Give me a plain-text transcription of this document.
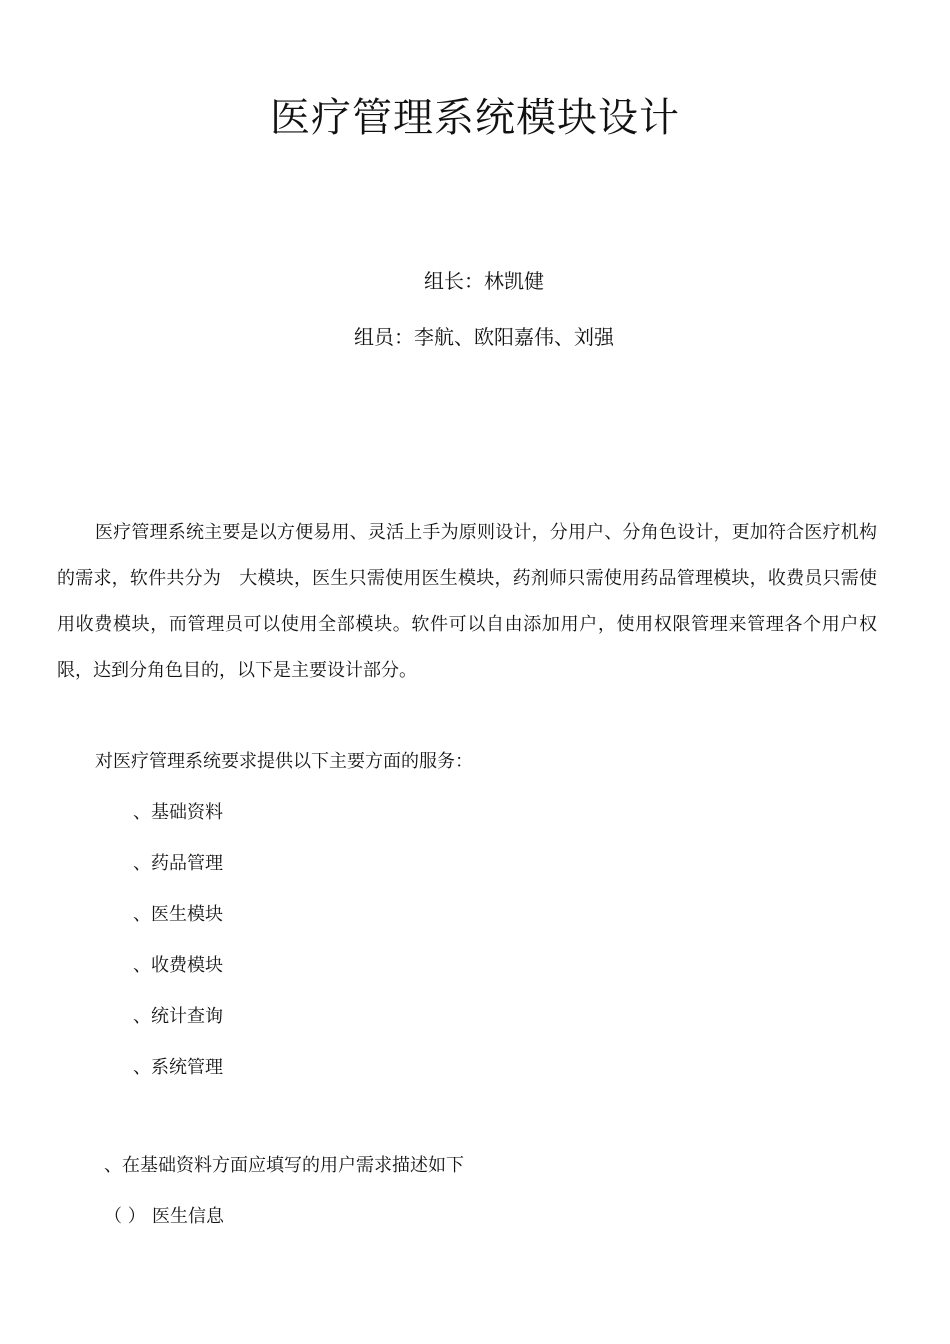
医疗管理系统模块设计
组长：林凯健
组员：李航、欧阳嘉伟、刘强

医疗管理系统主要是以方便易用、灵活上手为原则设计，分用户、分角色设计，更加符合医疗机构的需求，软件共分为　大模块，医生只需使用医生模块，药剂师只需使用药品管理模块，收费员只需使用收费模块，而管理员可以使用全部模块。软件可以自由添加用户，使用权限管理来管理各个用户权限，达到分角色目的，以下是主要设计部分。

对医疗管理系统要求提供以下主要方面的服务：
、基础资料
、药品管理
、医生模块
、收费模块
、统计查询
、系统管理
、在基础资料方面应填写的用户需求描述如下
（ ） 医生信息
